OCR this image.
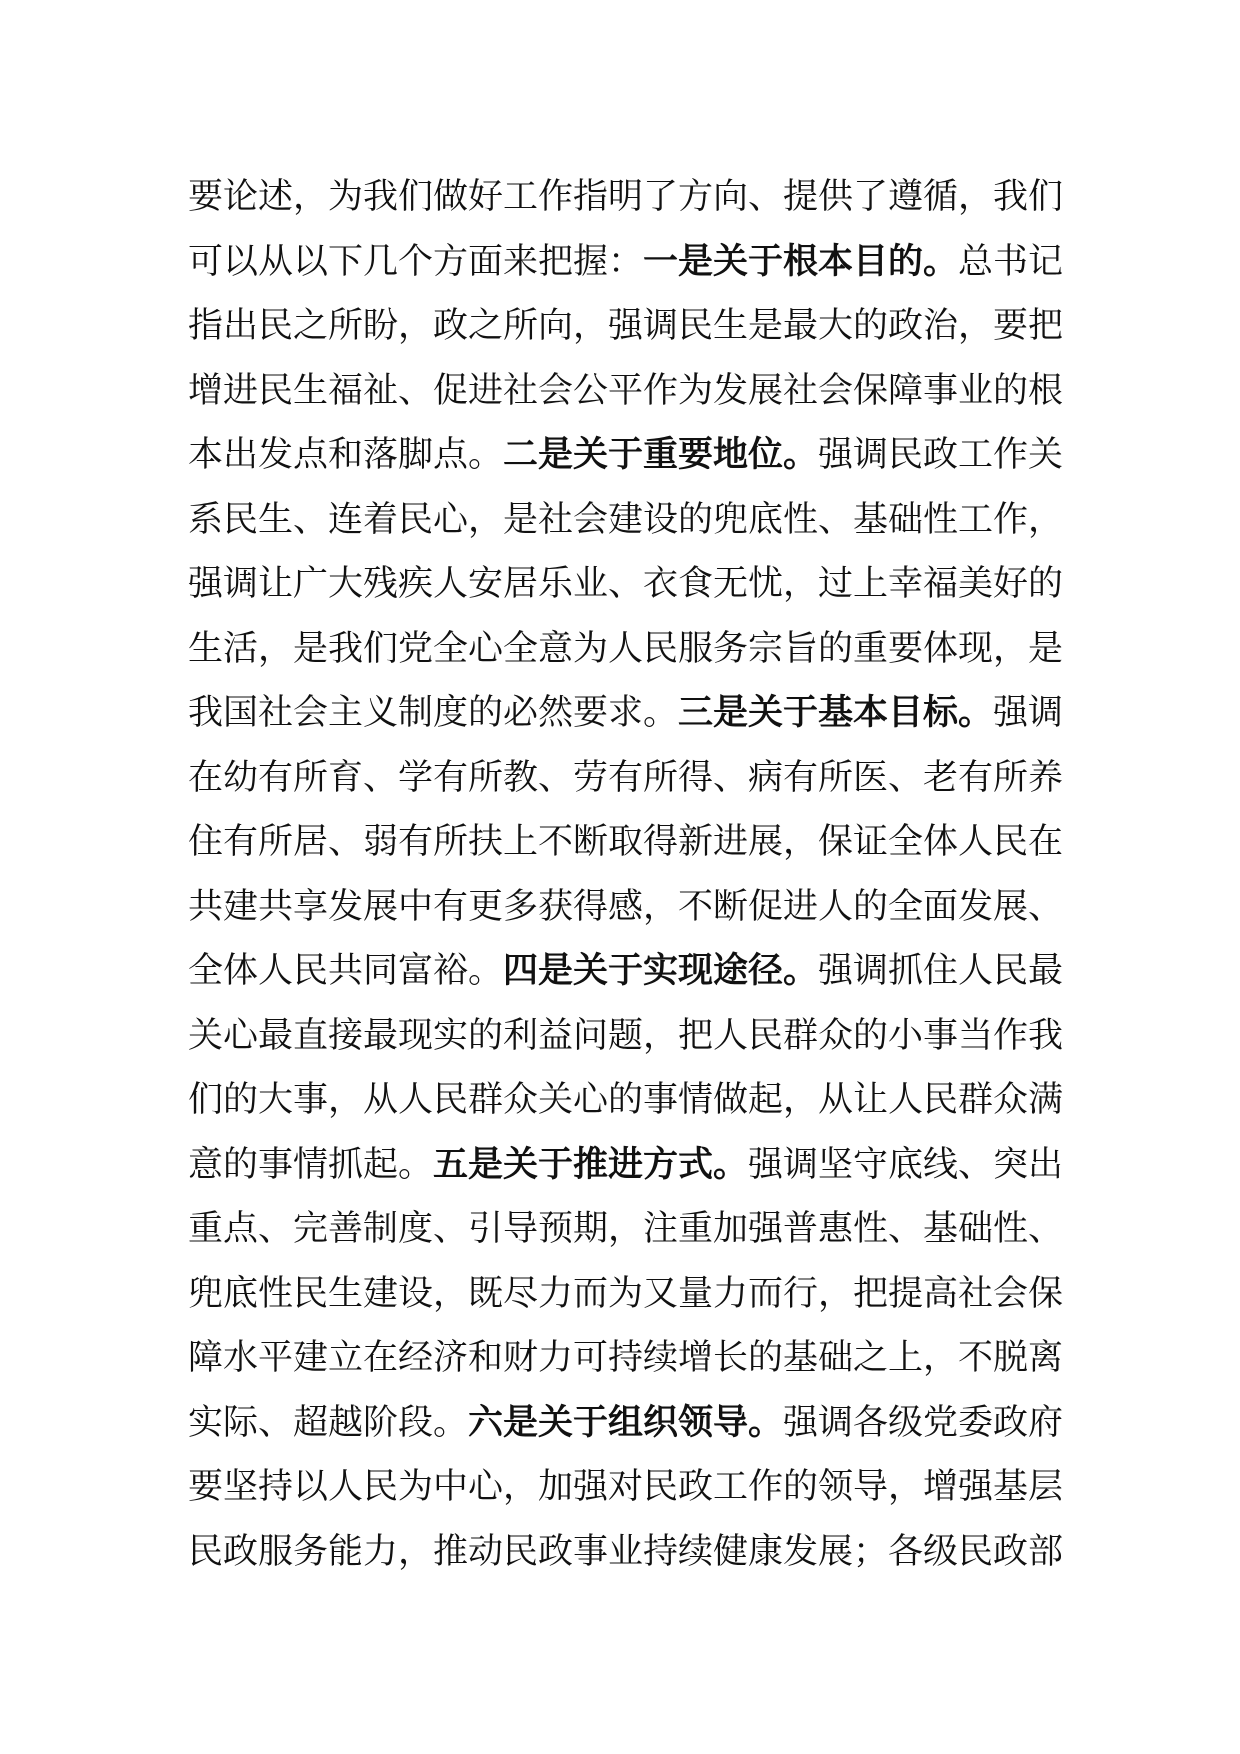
要论述，为我们做好工作指明了方向、提供了遵循，我们
可以从以下几个方面来把握：一是关于根本目的。总书记
指出民之所盼，政之所向，强调民生是最大的政治，要把
增进民生福祉、促进社会公平作为发展社会保障事业的根
本出发点和落脚点。二是关于重要地位。强调民政工作关
系民生、连着民心，是社会建设的兜底性、基础性工作，
强调让广大残疾人安居乐业、衣食无忧，过上幸福美好的
生活，是我们党全心全意为人民服务宗旨的重要体现，是
我国社会主义制度的必然要求。三是关于基本目标。强调
在幼有所育、学有所教、劳有所得、病有所医、老有所养
住有所居、弱有所扶上不断取得新进展，保证全体人民在
共建共享发展中有更多获得感，不断促进人的全面发展、
全体人民共同富裕。四是关于实现途径。强调抓住人民最
关心最直接最现实的利益问题，把人民群众的小事当作我
们的大事，从人民群众关心的事情做起，从让人民群众满
意的事情抓起。五是关于推进方式。强调坚守底线、突出
重点、完善制度、引导预期，注重加强普惠性、基础性、
兜底性民生建设，既尽力而为又量力而行，把提高社会保
障水平建立在经济和财力可持续增长的基础之上，不脱离
实际、超越阶段。六是关于组织领导。强调各级党委政府
要坚持以人民为中心，加强对民政工作的领导，增强基层
民政服务能力，推动民政事业持续健康发展；各级民政部
